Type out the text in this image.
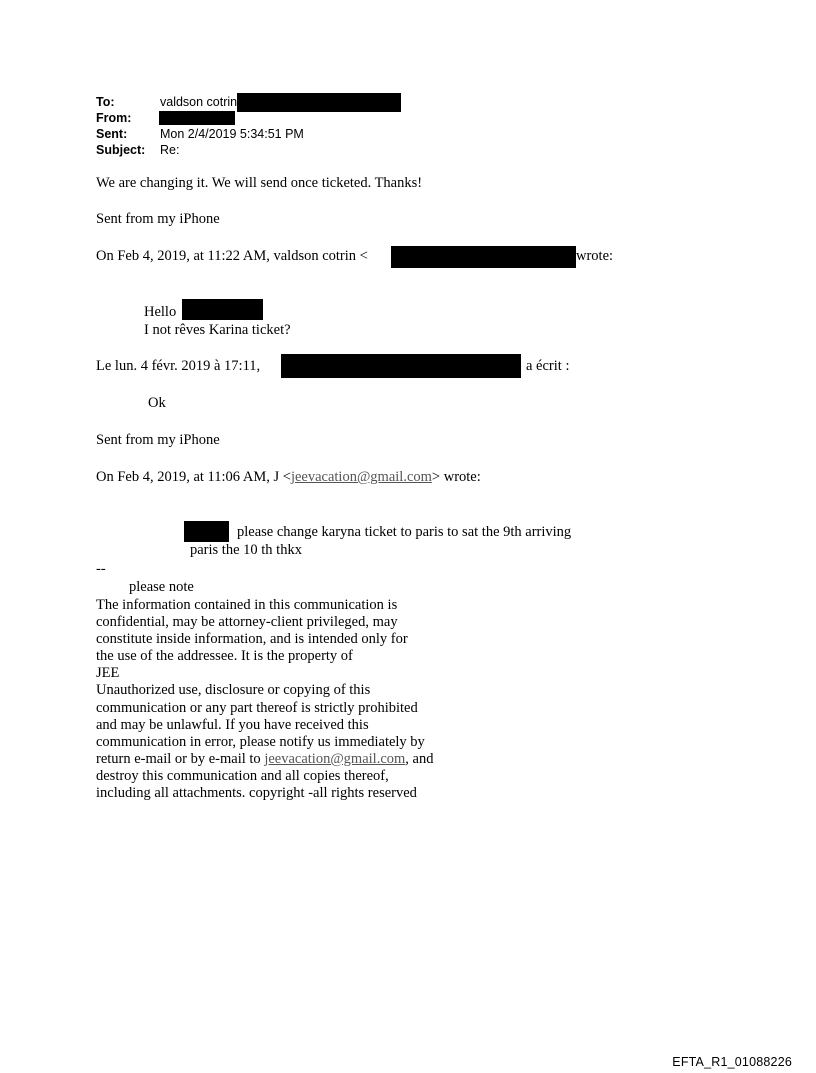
To:	valdson cotrin
From:
Sent:	Mon 2/4/2019 5:34:51 PM
Subject: Re:
We are changing it. We will send once ticketed. Thanks!
Sent from my iPhone
On Feb 4, 2019, at 11:22 AM, valdson cotrin <	wrote:
Hello
I not rêves Karina ticket?
Le lun. 4 févr. 2019 à 17:11,	a écrit :
Ok
Sent from my iPhone
On Feb 4, 2019, at 11:06 AM, J <jeevacation@gmail.com> wrote:
please change karyna ticket to paris to sat the 9th arriving
paris the 10 th thkx
--
please note
The information contained in this communication is
confidential, may be attorney-client privileged, may
constitute inside information, and is intended only for
the use of the addressee. It is the property of
JEE
Unauthorized use, disclosure or copying of this
communication or any part thereof is strictly prohibited
and may be unlawful. If you have received this
communication in error, please notify us immediately by
return e-mail or by e-mail to jeevacation@gmail.com, and
destroy this communication and all copies thereof,
including all attachments. copyright -all rights reserved
EFTA_R1_01088226
